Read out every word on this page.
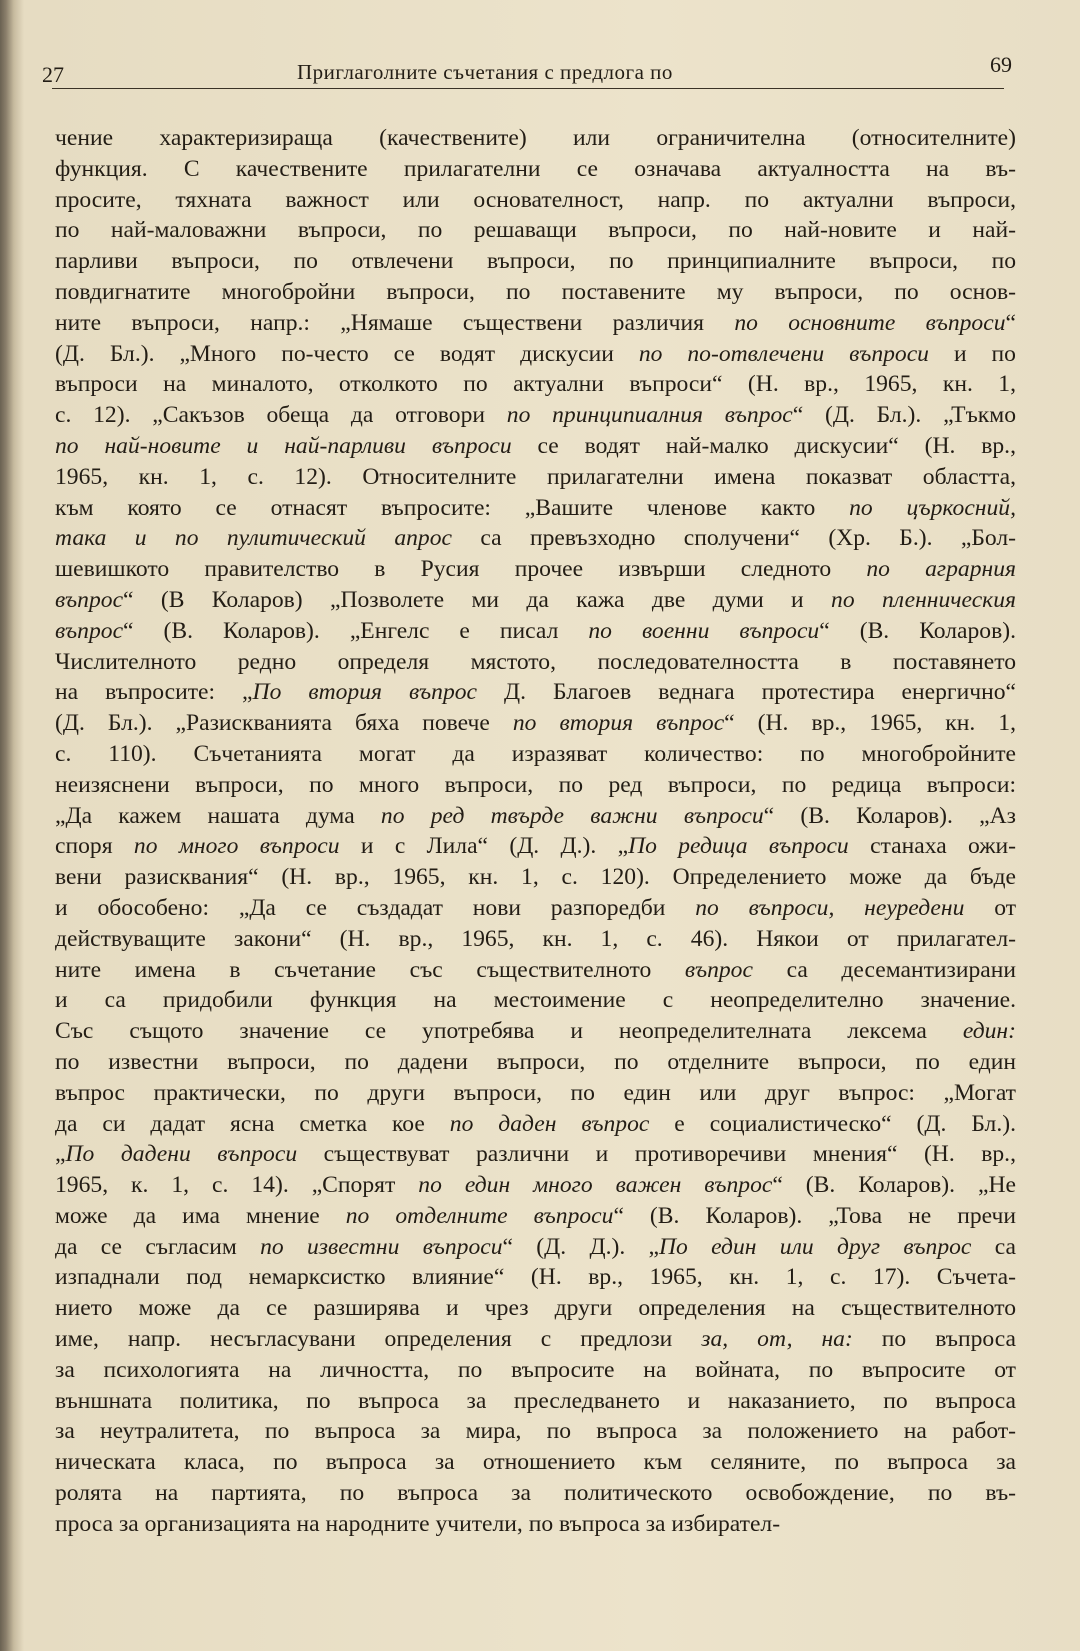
27	Приглаголните съчетания с предлога по	69
чение характеризираща (качествените) или ограничителна (относителните)
функция. С качествените прилагателни се означава актуалността на въ-
просите, тяхната важност или основателност, напр. по актуални въпроси,
по най-маловажни въпроси, по решаващи въпроси, по най-новите и най-
парливи въпроси, по отвлечени въпроси, по принципиалните въпроси, по
повдигнатите многобройни въпроси, по поставените му въпроси, по основ-
ните въпроси, напр.: „Нямаше съществени различия по основните въпроси“
(Д. Бл.). „Много по-често се водят дискусии по по-отвлечени въпроси и по
въпроси на миналото, отколкото по актуални въпроси“ (Н. вр., 1965, кн. 1,
с. 12). „Сакъзов обеща да отговори по принципиалния въпрос“ (Д. Бл.). „Тъкмо
по най-новите и най-парливи въпроси се водят най-малко дискусии“ (Н. вр.,
1965, кн. 1, с. 12). Относителните прилагателни имена показват областта,
към която се отнасят въпросите: „Вашите членове както по църкосний,
така и по пулитический апрос са превъзходно сполучени“ (Хр. Б.). „Бол-
шевишкото правителство в Русия прочее извърши следното по аграрния
въпрос“ (В Коларов) „Позволете ми да кажа две думи и по пленническия
въпрос“ (В. Коларов). „Енгелс е писал по военни въпроси“ (В. Коларов).
Числителното редно определя мястото, последователността в поставянето
на въпросите: „По втория въпрос Д. Благоев веднага протестира енергично“
(Д. Бл.). „Разискванията бяха повече по втория въпрос“ (Н. вр., 1965, кн. 1,
с. 110). Съчетанията могат да изразяват количество: по многобройните
неизяснени въпроси, по много въпроси, по ред въпроси, по редица въпроси:
„Да кажем нашата дума по ред твърде важни въпроси“ (В. Коларов). „Аз
споря по много въпроси и с Лила“ (Д. Д.). „По редица въпроси станаха ожи-
вени разисквания“ (Н. вр., 1965, кн. 1, с. 120). Определението може да бъде
и обособено: „Да се създадат нови разпоредби по въпроси, неуредени от
действуващите закони“ (Н. вр., 1965, кн. 1, с. 46). Някои от прилагател-
ните имена в съчетание със съществителното въпрос са десемантизирани
и са придобили функция на местоимение с неопределително значение.
Със същото значение се употребява и неопределителната лексема един:
по известни въпроси, по дадени въпроси, по отделните въпроси, по един
въпрос практически, по други въпроси, по един или друг въпрос: „Могат
да си дадат ясна сметка кое по даден въпрос е социалистическо“ (Д. Бл.).
„По дадени въпроси съществуват различни и противоречиви мнения“ (Н. вр.,
1965, к. 1, с. 14). „Спорят по един много важен въпрос“ (В. Коларов). „Не
може да има мнение по отделните въпроси“ (В. Коларов). „Това не пречи
да се съгласим по известни въпроси“ (Д. Д.). „По един или друг въпрос са
изпаднали под немарксистко влияние“ (Н. вр., 1965, кн. 1, с. 17). Съчета-
нието може да се разширява и чрез други определения на съществителното
име, напр. несъгласувани определения с предлози за, от, на: по въпроса
за психологията на личността, по въпросите на войната, по въпросите от
външната политика, по въпроса за преследването и наказанието, по въпроса
за неутралитета, по въпроса за мира, по въпроса за положението на работ-
ническата класа, по въпроса за отношението към селяните, по въпроса за
ролята на партията, по въпроса за политическото освобождение, по въ-
проса за организацията на народните учители, по въпроса за избирател-
